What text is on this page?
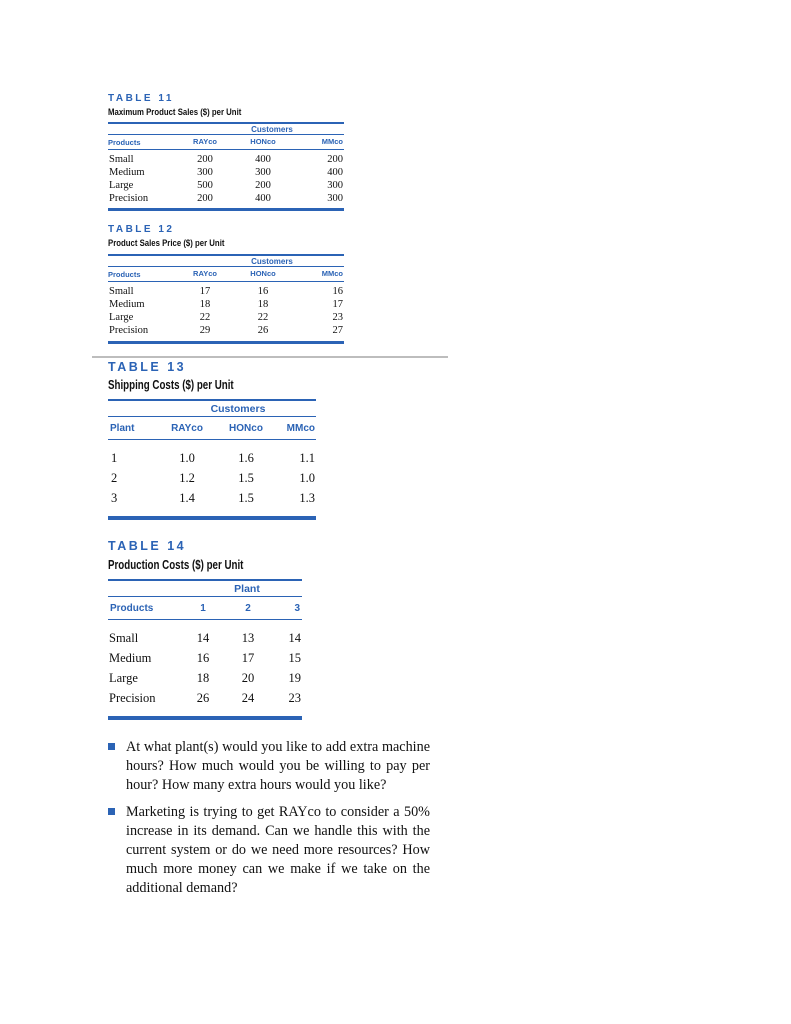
TABLE 11
Maximum Product Sales ($) per Unit
Customers			
Products	RAYco	HONco	MMco

Small	200	400	200
Medium	300	300	400
Large	500	200	300
Precision	200	400	300
TABLE 12
Product Sales Price ($) per Unit
Customers			
Products	RAYco	HONco	MMco

Small	17	16	16
Medium	18	18	17
Large	22	22	23
Precision	29	26	27
TABLE 13
Shipping Costs ($) per Unit
Customers			
Plant	RAYco	HONco	MMco

1	1.0	1.6	1.1
2	1.2	1.5	1.0
3	1.4	1.5	1.3
TABLE 14
Production Costs ($) per Unit
Plant			
Products	1	2	3

Small	14	13	14
Medium	16	17	15
Large	18	20	19
Precision	26	24	23
At what plant(s) would you like to add extra machine hours? How much would you be willing to pay per hour? How many extra hours would you like?
Marketing is trying to get RAYco to consider a 50% increase in its demand. Can we handle this with the current system or do we need more resources? How much more money can we make if we take on the additional demand?
